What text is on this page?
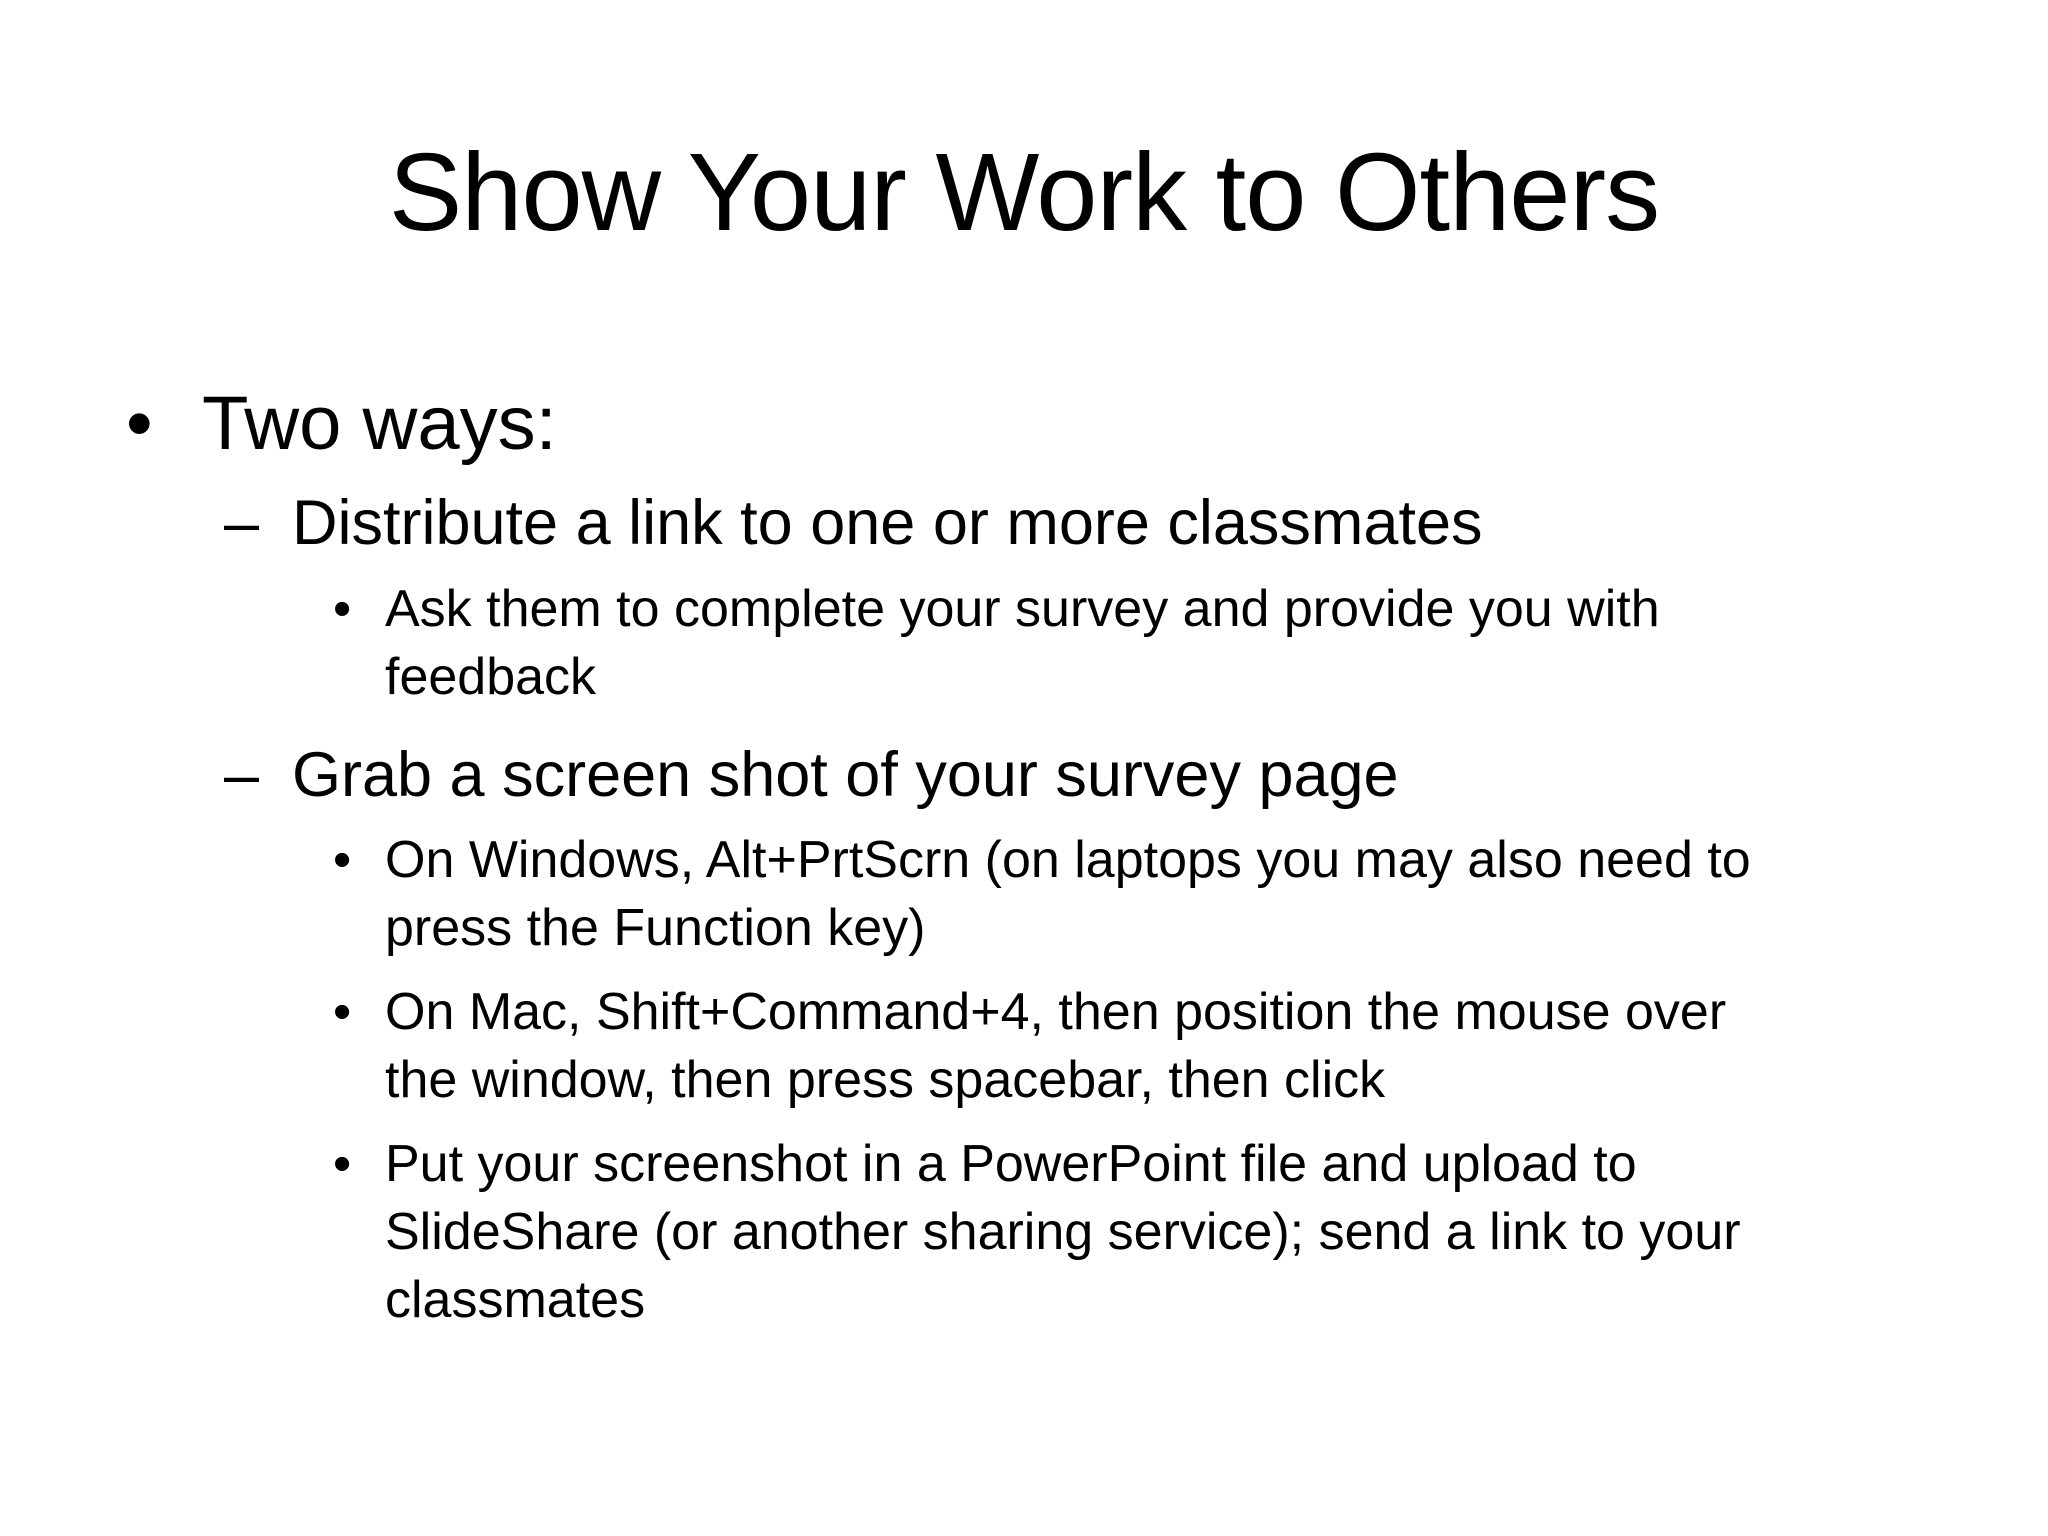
Show Your Work to Others
• Two ways:
– Distribute a link to one or more classmates
• Ask them to complete your survey and provide you with
feedback
– Grab a screen shot of your survey page
• On Windows, Alt+PrtScrn (on laptops you may also need to
press the Function key)
• On Mac, Shift+Command+4, then position the mouse over
the window, then press spacebar, then click
• Put your screenshot in a PowerPoint file and upload to
SlideShare (or another sharing service); send a link to your
classmates
